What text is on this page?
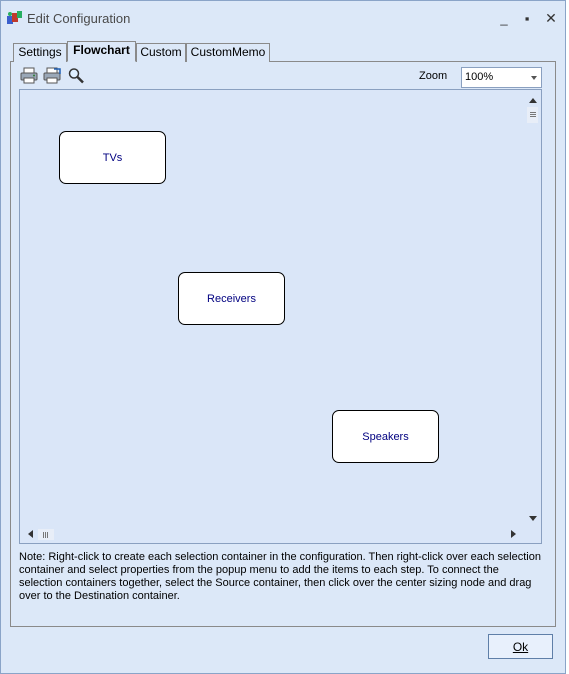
Edit Configuration	_	▪	✕
Settings Flowchart Custom CustomMemo
Zoom	100%
TVs
Receivers
Speakers
Note: Right-click to create each selection container in the configuration. Then right-click over each selection container and select properties from the popup menu to add the items to each step. To connect the selection containers together, select the Source container, then click over the center sizing node and drag over to the Destination container.
Ok
